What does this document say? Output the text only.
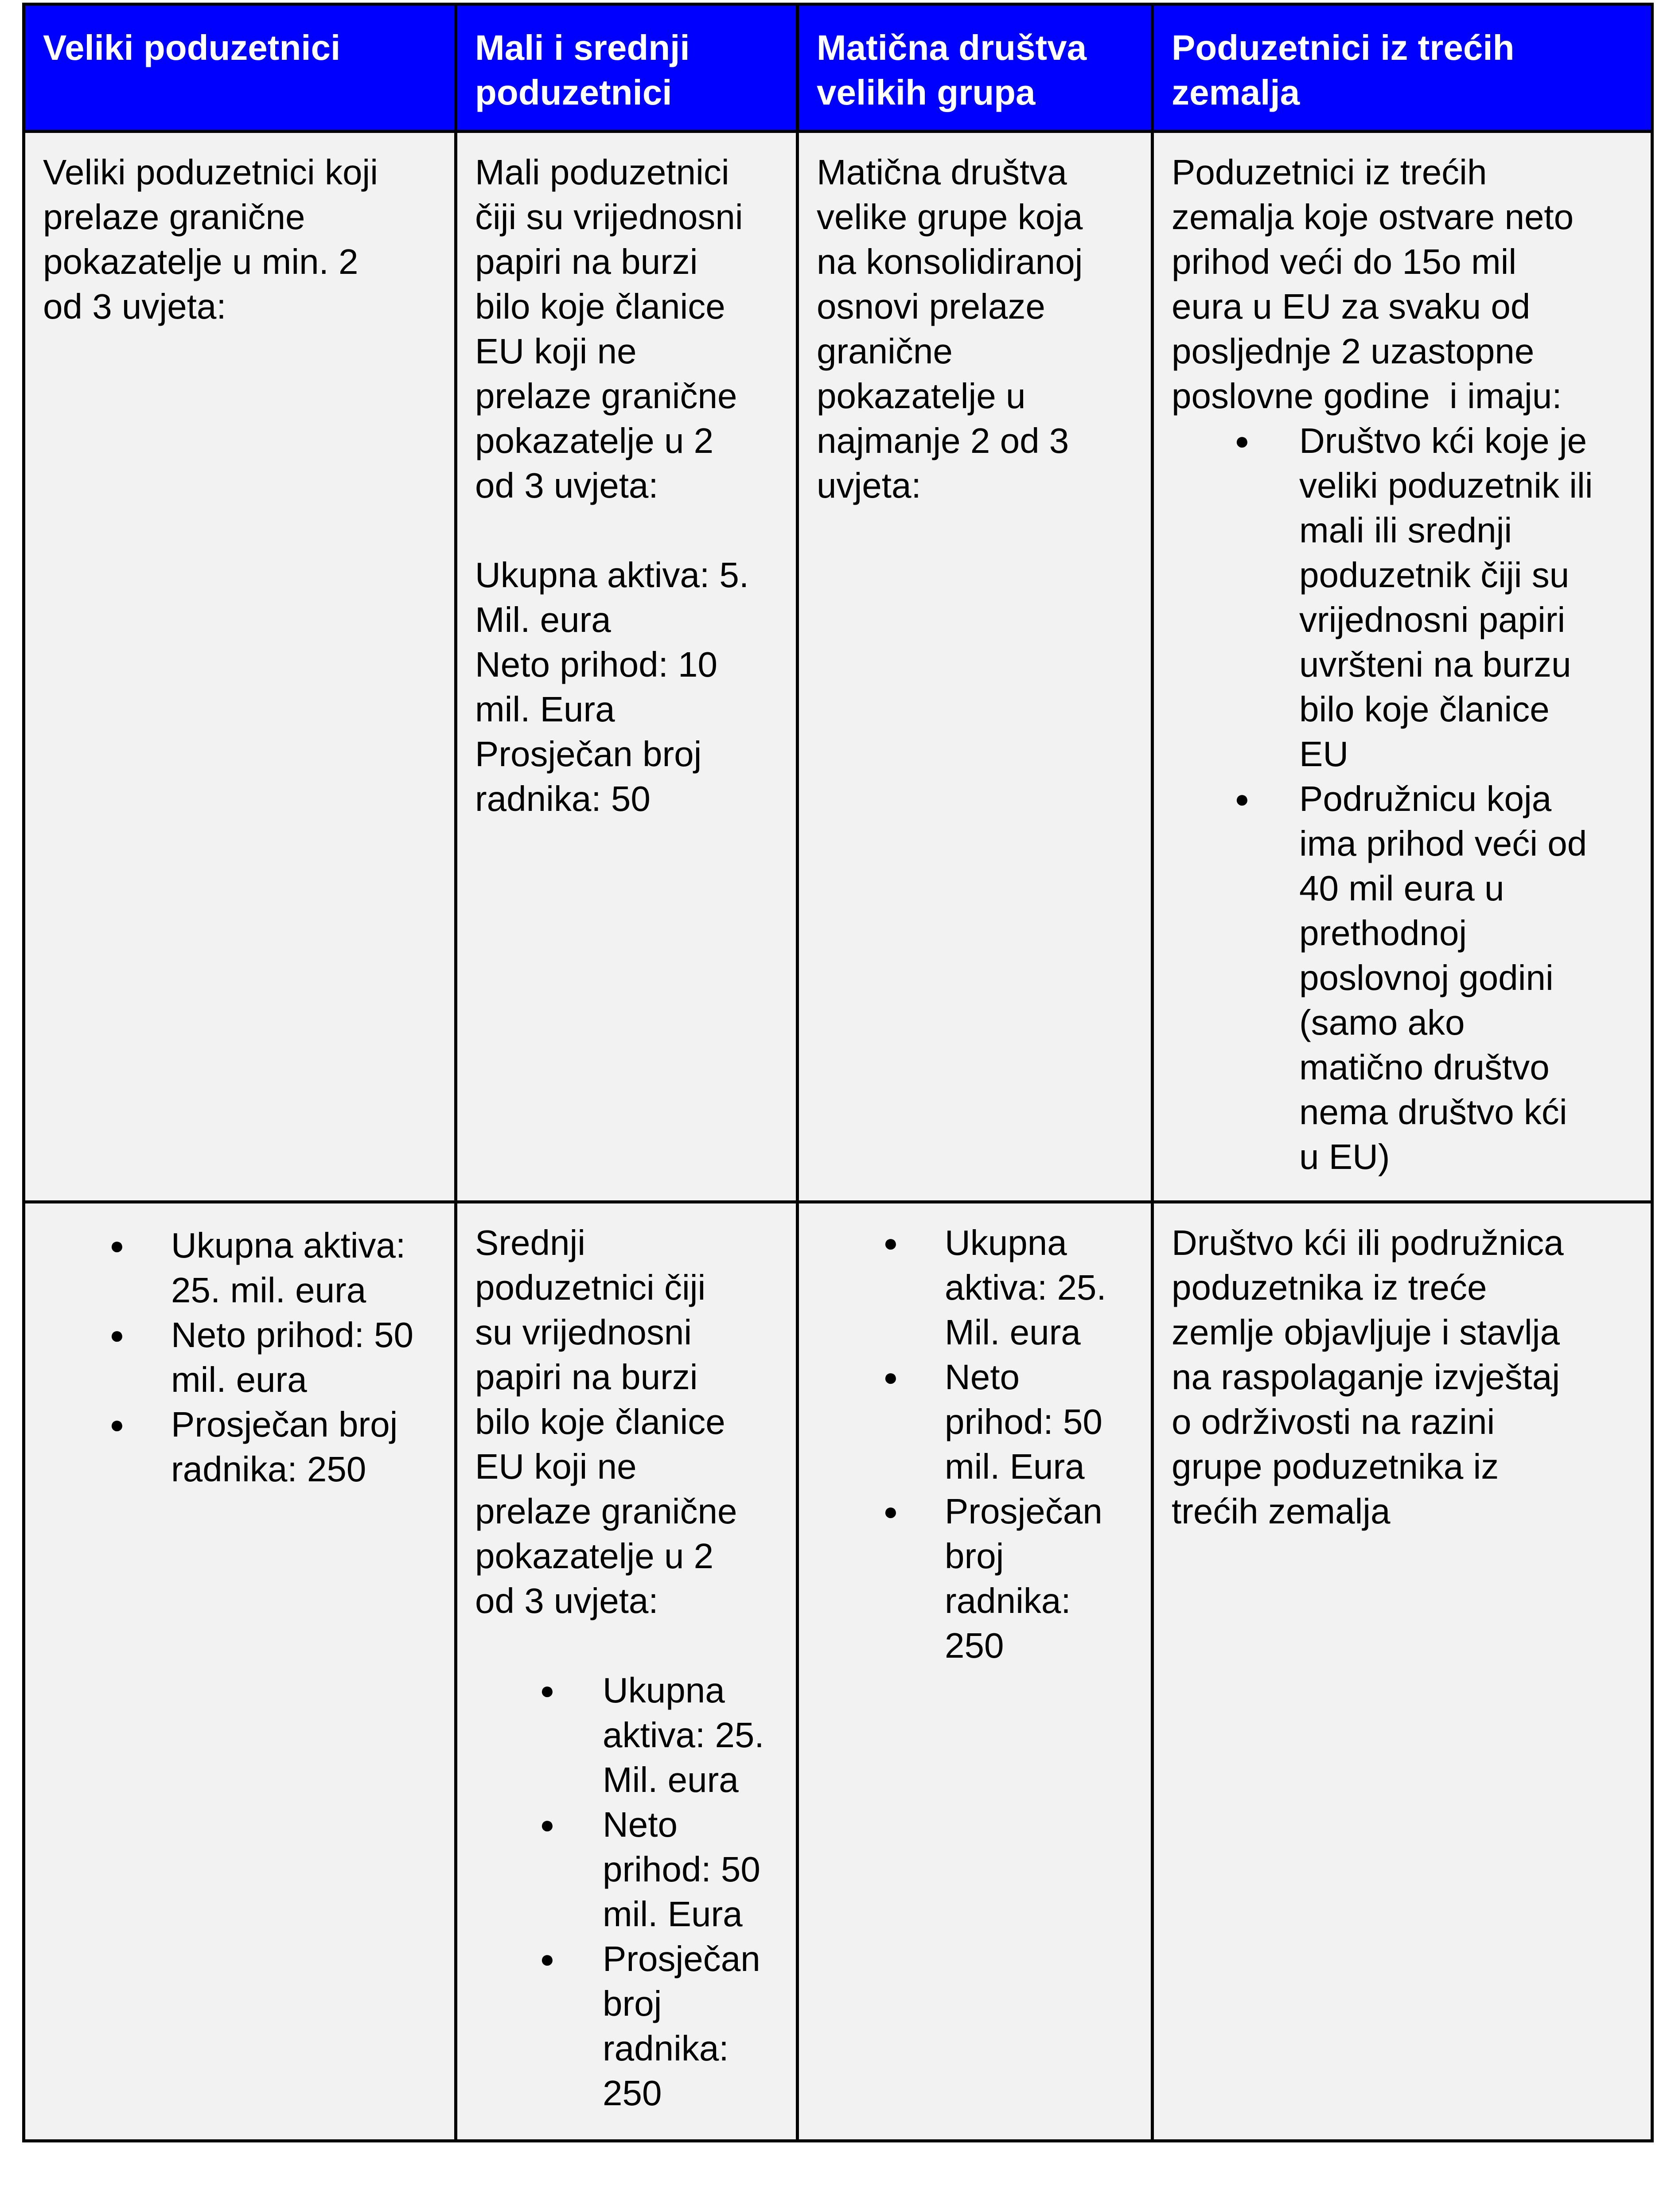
Veliki poduzetnici	Mali i srednji
poduzetnici
Matična društva
velikih grupa
Poduzetnici iz trećih
zemalja
Veliki poduzetnici koji
prelaze granične
pokazatelje u min. 2
od 3 uvjeta:
Mali poduzetnici
čiji su vrijednosni
papiri na burzi
bilo koje članice
EU koji ne
prelaze granične
pokazatelje u 2
od 3 uvjeta:
Ukupna aktiva: 5.
Mil. eura
Neto prihod: 10
mil. Eura
Prosječan broj
radnika: 50
Matična društva
velike grupe koja
na konsolidiranoj
osnovi prelaze
granične
pokazatelje u
najmanje 2 od 3
uvjeta:
Poduzetnici iz trećih
zemalja koje ostvare neto
prihod veći do 15o mil
eura u EU za svaku od
posljednje 2 uzastopne
poslovne godine  i imaju:
● Društvo kći koje je
veliki poduzetnik ili
mali ili srednji
poduzetnik čiji su
vrijednosni papiri
uvršteni na burzu
bilo koje članice
EU
● Podružnicu koja
ima prihod veći od
40 mil eura u
prethodnoj
poslovnoj godini
(samo ako
matično društvo
nema društvo kći
u EU)
● Ukupna aktiva:
25. mil. eura
● Neto prihod: 50
mil. eura
● Prosječan broj
radnika: 250
Srednji
poduzetnici čiji
su vrijednosni
papiri na burzi
bilo koje članice
EU koji ne
prelaze granične
pokazatelje u 2
od 3 uvjeta:
● Ukupna
aktiva: 25.
Mil. eura
● Neto
prihod: 50
mil. Eura
● Prosječan
broj
radnika:
250
● Ukupna
aktiva: 25.
Mil. eura
● Neto
prihod: 50
mil. Eura
● Prosječan
broj
radnika:
250
Društvo kći ili podružnica
poduzetnika iz treće
zemlje objavljuje i stavlja
na raspolaganje izvještaj
o održivosti na razini
grupe poduzetnika iz
trećih zemalja
